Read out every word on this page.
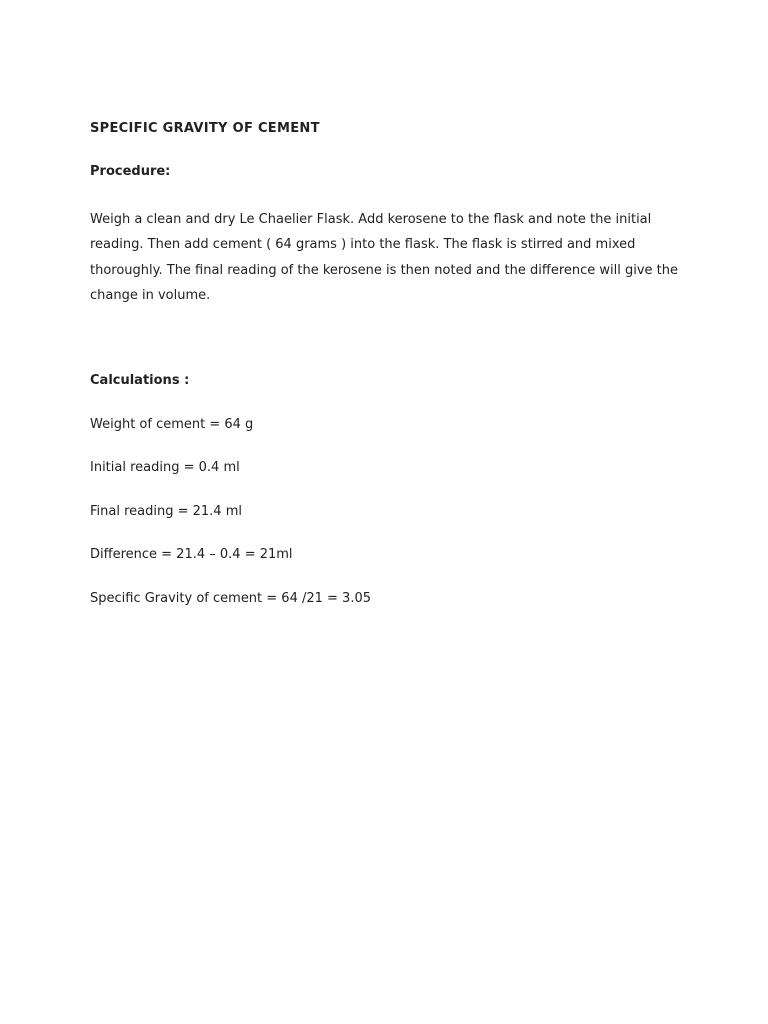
SPECIFIC GRAVITY OF CEMENT
Procedure:

Weigh a clean and dry Le Chaelier Flask. Add kerosene to the flask and note the initial reading. Then add cement ( 64 grams ) into the flask. The flask is stirred and mixed thoroughly. The final reading of the kerosene is then noted and the difference will give the change in volume.

Calculations :
Weight of cement = 64 g
Initial reading = 0.4 ml
Final reading = 21.4 ml
Difference = 21.4 – 0.4 = 21ml
Specific Gravity of cement = 64 /21 = 3.05
